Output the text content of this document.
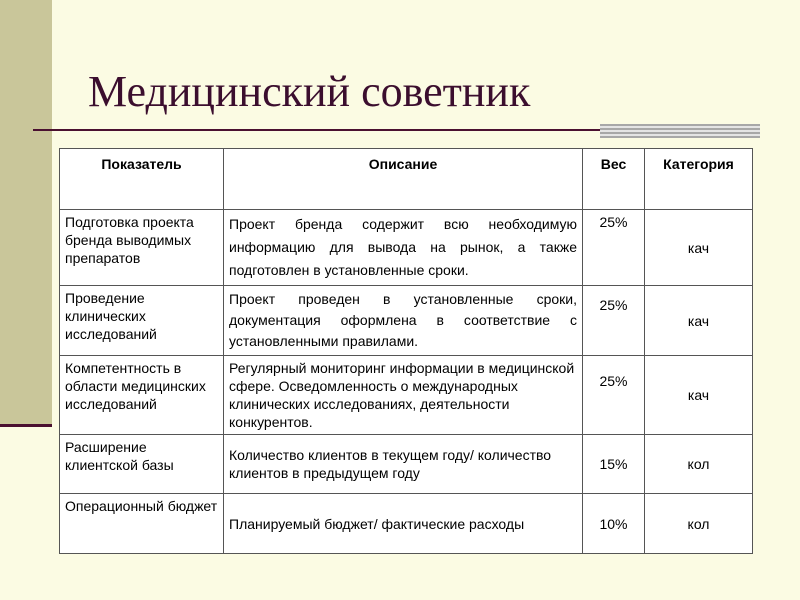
Медицинский советник
Показатель	Описание	Вес	Категория
Подготовка проекта бренда выводимых препаратов	Проект бренда содержит всю необходимую информацию для вывода на рынок, а также подготовлен в установленные сроки.	25%	кач
Проведение клинических исследований	Проект проведен в установленные сроки, документация оформлена в соответствие с установленными правилами.	25%	кач
Компетентность в области медицинских исследований	Регулярный мониторинг информации в медицинской сфере. Осведомленность о международных клинических исследованиях, деятельности конкурентов.	25%	кач
Расширение клиентской базы	Количество клиентов в текущем году/ количество клиентов в предыдущем году	15%	кол
Операционный бюджет	Планируемый бюджет/ фактические расходы	10%	кол
